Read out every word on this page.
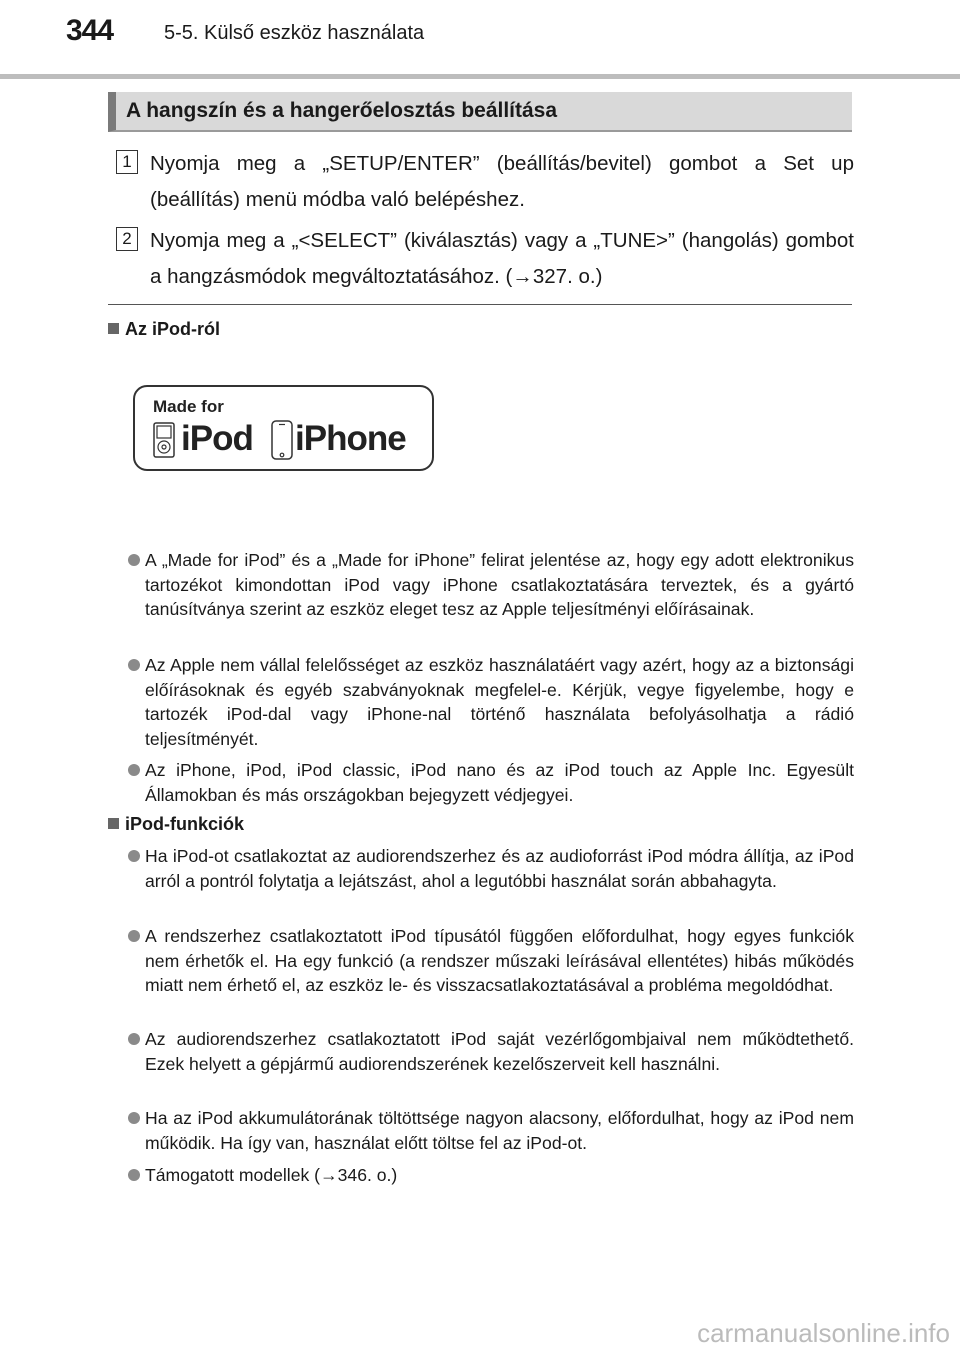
344	5-5. Külső eszköz használata
A hangszín és a hangerőelosztás beállítása
1 Nyomja meg a „SETUP/ENTER” (beállítás/bevitel) gombot a Set up (beállítás) menü módba való belépéshez.
2 Nyomja meg a „<SELECT” (kiválasztás) vagy a „TUNE>” (hangolás) gombot a hangzásmódok megváltoztatásához. (→327. o.)
Az iPod-ról
Made for
iPod iPhone
A „Made for iPod” és a „Made for iPhone” felirat jelentése az, hogy egy adott elektronikus tartozékot kimondottan iPod vagy iPhone csatlakoztatására terveztek, és a gyártó tanúsítványa szerint az eszköz eleget tesz az Apple teljesítményi előírásainak.
Az Apple nem vállal felelősséget az eszköz használatáért vagy azért, hogy az a biztonsági előírásoknak és egyéb szabványoknak megfelel-e. Kérjük, vegye figyelembe, hogy e tartozék iPod-dal vagy iPhone-nal történő használata befolyásolhatja a rádió teljesítményét.
Az iPhone, iPod, iPod classic, iPod nano és az iPod touch az Apple Inc. Egyesült Államokban és más országokban bejegyzett védjegyei.
iPod-funkciók
Ha iPod-ot csatlakoztat az audiorendszerhez és az audioforrást iPod módra állítja, az iPod arról a pontról folytatja a lejátszást, ahol a legutóbbi használat során abbahagyta.
A rendszerhez csatlakoztatott iPod típusától függően előfordulhat, hogy egyes funkciók nem érhetők el. Ha egy funkció (a rendszer műszaki leírásával ellentétes) hibás működés miatt nem érhető el, az eszköz le- és visszacsatlakoztatásával a probléma megoldódhat.
Az audiorendszerhez csatlakoztatott iPod saját vezérlőgombjaival nem működtethető. Ezek helyett a gépjármű audiorendszerének kezelőszerveit kell használni.
Ha az iPod akkumulátorának töltöttsége nagyon alacsony, előfordulhat, hogy az iPod nem működik. Ha így van, használat előtt töltse fel az iPod-ot.
Támogatott modellek (→346. o.)
carmanualsonline.info
